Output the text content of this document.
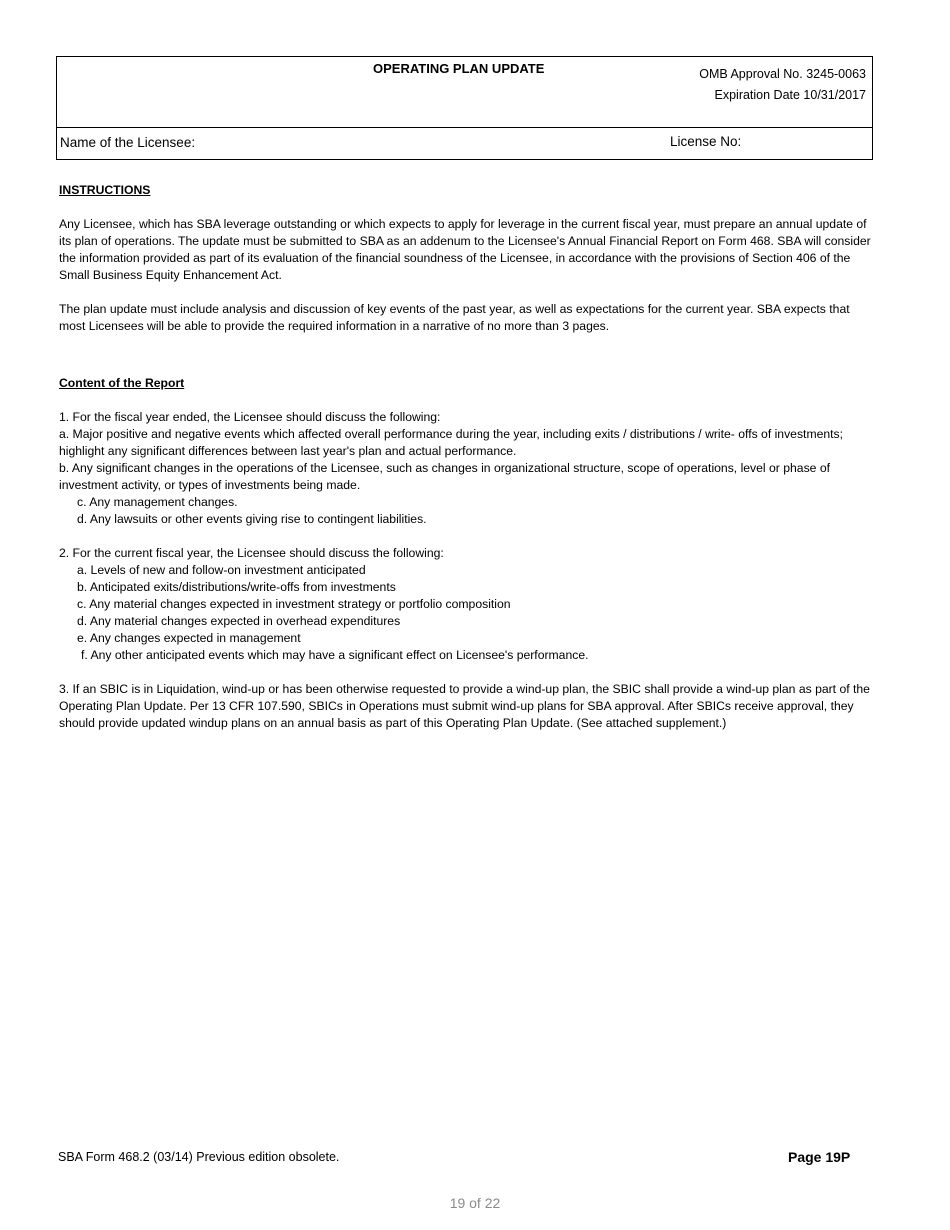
OPERATING PLAN UPDATE	OMB Approval No. 3245-0063
Expiration Date 10/31/2017
Name of the Licensee:	License No:

INSTRUCTIONS

Any Licensee, which has SBA leverage outstanding or which expects to apply for leverage in the current fiscal year, must prepare an annual update of its plan of operations. The update must be submitted to SBA as an addenum to the Licensee's Annual Financial Report on Form 468. SBA will consider the information provided as part of its evaluation of the financial soundness of the Licensee, in accordance with the provisions of Section 406 of the Small Business Equity Enhancement Act.

The plan update must include analysis and discussion of key events of the past year, as well as expectations for the current year. SBA expects that most Licensees will be able to provide the required information in a narrative of no more than 3 pages.

Content of the Report

1. For the fiscal year ended, the Licensee should discuss the following:

a. Major positive and negative events which affected overall performance during the year, including exits / distributions / write- offs of investments; highlight any significant differences between last year's plan and actual performance.

b. Any significant changes in the operations of the Licensee, such as changes in organizational structure, scope of operations, level or phase of investment activity, or types of investments being made.

c. Any management changes.

d. Any lawsuits or other events giving rise to contingent liabilities.

2. For the current fiscal year, the Licensee should discuss the following:

a. Levels of new and follow-on investment anticipated

b. Anticipated exits/distributions/write-offs from investments

c. Any material changes expected in investment strategy or portfolio composition

d. Any material changes expected in overhead expenditures

e. Any changes expected in management

f. Any other anticipated events which may have a significant effect on Licensee's performance.

3. If an SBIC is in Liquidation, wind-up or has been otherwise requested to provide a wind-up plan, the SBIC shall provide a wind-up plan as part of the Operating Plan Update. Per 13 CFR 107.590, SBICs in Operations must submit wind-up plans for SBA approval. After SBICs receive approval, they should provide updated windup plans on an annual basis as part of this Operating Plan Update. (See attached supplement.)

SBA Form 468.2 (03/14) Previous edition obsolete.	Page 19P
19 of 22
